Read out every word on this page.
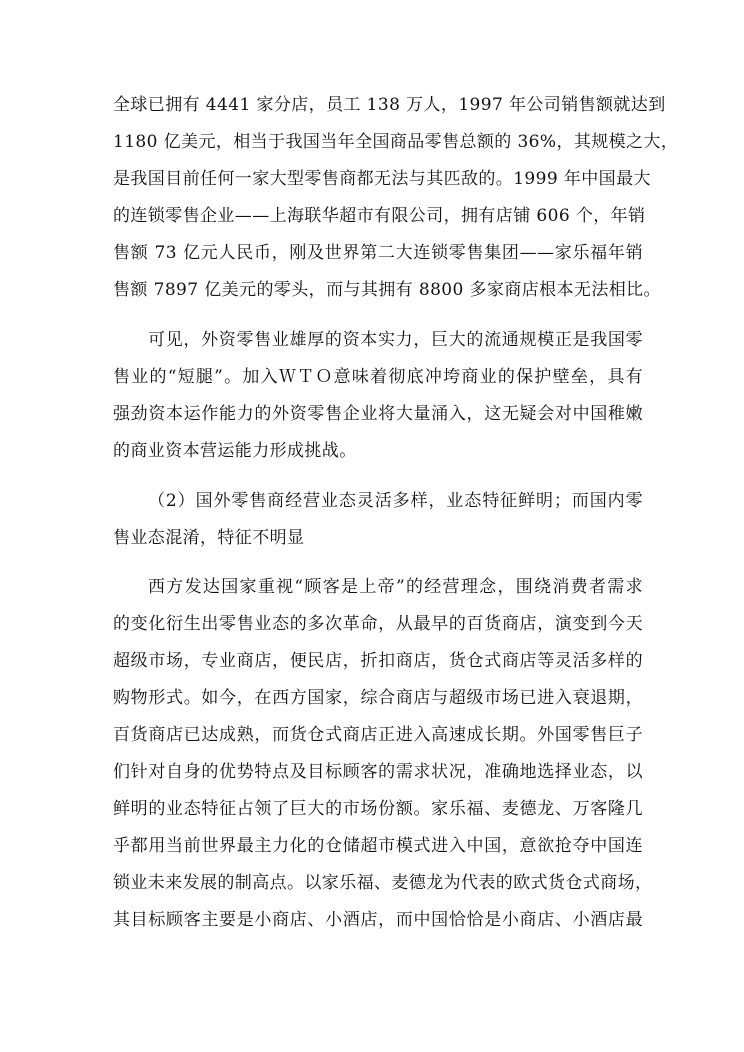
全球已拥有 4441 家分店，员工 138 万人，1997 年公司销售额就达到
1180 亿美元，相当于我国当年全国商品零售总额的 36%，其规模之大，
是我国目前任何一家大型零售商都无法与其匹敌的。1999 年中国最大
的连锁零售企业——上海联华超市有限公司，拥有店铺 606 个，年销
售额 73 亿元人民币，刚及世界第二大连锁零售集团——家乐福年销
售额 7897 亿美元的零头，而与其拥有 8800 多家商店根本无法相比。
可见，外资零售业雄厚的资本实力，巨大的流通规模正是我国零
售业的“短腿”。加入ＷＴＯ意味着彻底冲垮商业的保护壁垒，具有
强劲资本运作能力的外资零售企业将大量涌入，这无疑会对中国稚嫩
的商业资本营运能力形成挑战。
（2）国外零售商经营业态灵活多样，业态特征鲜明；而国内零
售业态混淆，特征不明显
西方发达国家重视“顾客是上帝”的经营理念，围绕消费者需求
的变化衍生出零售业态的多次革命，从最早的百货商店，演变到今天
超级市场，专业商店，便民店，折扣商店，货仓式商店等灵活多样的
购物形式。如今，在西方国家，综合商店与超级市场已进入衰退期，
百货商店已达成熟，而货仓式商店正进入高速成长期。外国零售巨子
们针对自身的优势特点及目标顾客的需求状况，准确地选择业态，以
鲜明的业态特征占领了巨大的市场份额。家乐福、麦德龙、万客隆几
乎都用当前世界最主力化的仓储超市模式进入中国，意欲抢夺中国连
锁业未来发展的制高点。以家乐福、麦德龙为代表的欧式货仓式商场，
其目标顾客主要是小商店、小酒店，而中国恰恰是小商店、小酒店最
